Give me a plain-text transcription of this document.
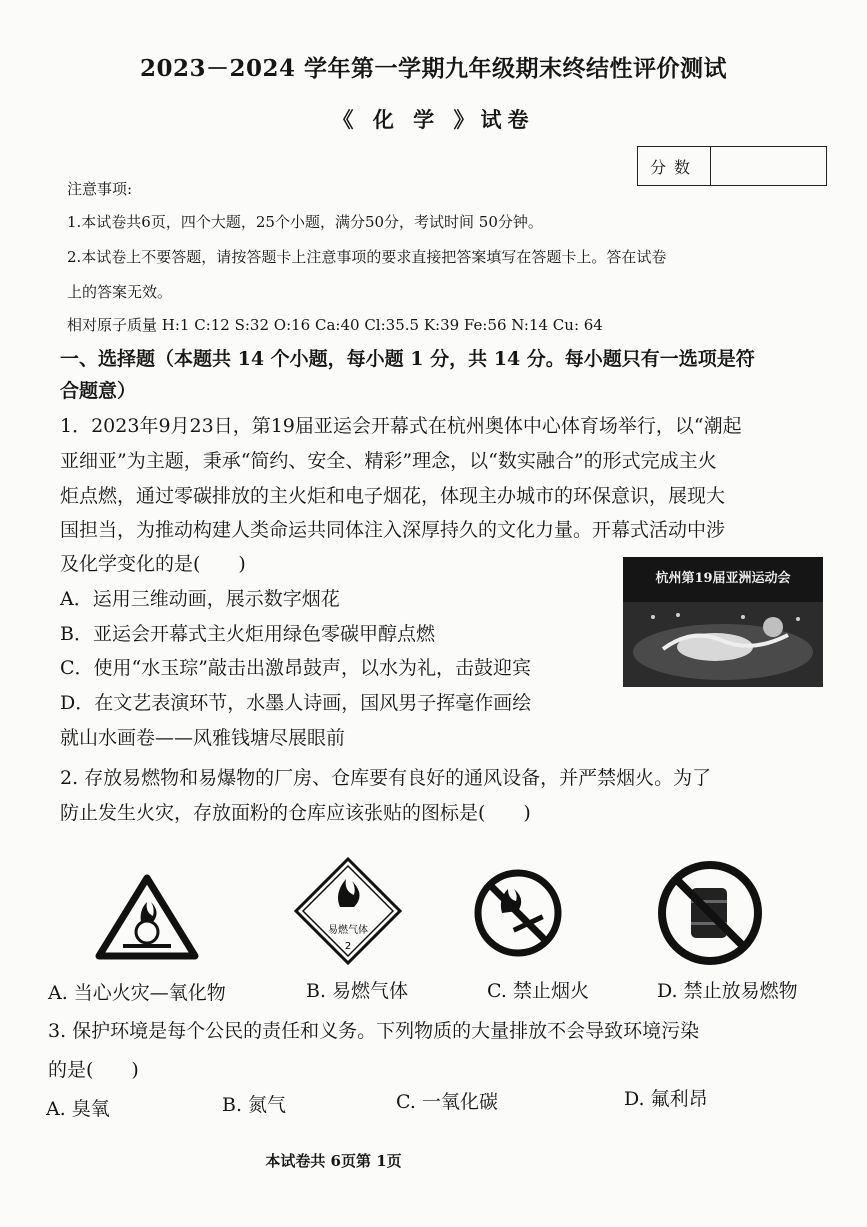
2023－2024 学年第一学期九年级期末终结性评价测试
《 化 学 》试卷
分数
注意事项:
1.本试卷共6页，四个大题，25个小题，满分50分，考试时间 50分钟。
2.本试卷上不要答题，请按答题卡上注意事项的要求直接把答案填写在答题卡上。答在试卷
上的答案无效。
相对原子质量 H:1 C:12 S:32 O:16 Ca:40 Cl:35.5 K:39 Fe:56 N:14 Cu: 64
一、选择题（本题共 14 个小题，每小题 1 分，共 14 分。每小题只有一选项是符
合题意）
1．2023年9月23日，第19届亚运会开幕式在杭州奥体中心体育场举行，以“潮起
亚细亚”为主题，秉承“简约、安全、精彩”理念，以“数实融合”的形式完成主火
炬点燃，通过零碳排放的主火炬和电子烟花，体现主办城市的环保意识，展现大
国担当，为推动构建人类命运共同体注入深厚持久的文化力量。开幕式活动中涉
及化学变化的是(　　)
A．运用三维动画，展示数字烟花
B．亚运会开幕式主火炬用绿色零碳甲醇点燃
C．使用“水玉琮”敲击出激昂鼓声，以水为礼，击鼓迎宾
D．在文艺表演环节，水墨人诗画，国风男子挥毫作画绘
就山水画卷——风雅钱塘尽展眼前
杭州第19届亚洲运动会
2. 存放易燃物和易爆物的厂房、仓库要有良好的通风设备，并严禁烟火。为了
防止发生火灾，存放面粉的仓库应该张贴的图标是(　　)
易燃气体
2
A. 当心火灾—氧化物	B. 易燃气体	C. 禁止烟火	D. 禁止放易燃物
3. 保护环境是每个公民的责任和义务。下列物质的大量排放不会导致环境污染
的是(　　)
A. 臭氧	B. 氮气	C. 一氧化碳	D. 氟利昂
本试卷共 6页第 1页
